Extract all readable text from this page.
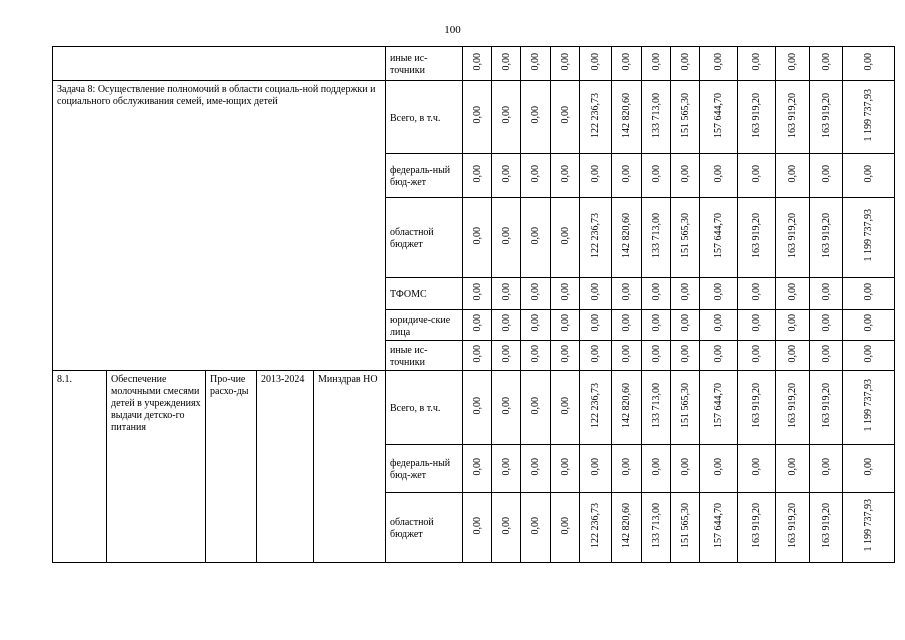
100
					иные ис-точники	0,00	0,00	0,00	0,00	0,00	0,00	0,00	0,00	0,00	0,00	0,00	0,00	0,00
Задача 8: Осуществление полномочий в области социаль-ной поддержки и социального обслуживания семей, име-ющих детей					Всего, в т.ч.	0,00	0,00	0,00	0,00	122 236,73	142 820,60	133 713,00	151 565,30	157 644,70	163 919,20	163 919,20	163 919,20	1 199 737,93
					федераль-ный бюд-жет	0,00	0,00	0,00	0,00	0,00	0,00	0,00	0,00	0,00	0,00	0,00	0,00	0,00
					областной бюджет	0,00	0,00	0,00	0,00	122 236,73	142 820,60	133 713,00	151 565,30	157 644,70	163 919,20	163 919,20	163 919,20	1 199 737,93
					ТФОМС	0,00	0,00	0,00	0,00	0,00	0,00	0,00	0,00	0,00	0,00	0,00	0,00	0,00
					юридиче-ские лица	0,00	0,00	0,00	0,00	0,00	0,00	0,00	0,00	0,00	0,00	0,00	0,00	0,00
					иные ис-точники	0,00	0,00	0,00	0,00	0,00	0,00	0,00	0,00	0,00	0,00	0,00	0,00	0,00
8.1.	Обеспечение молочными смесями детей в учреждениях выдачи детско-го питания	Про-чие расхо-ды	2013-2024	Минздрав НО	Всего, в т.ч.	0,00	0,00	0,00	0,00	122 236,73	142 820,60	133 713,00	151 565,30	157 644,70	163 919,20	163 919,20	163 919,20	1 199 737,93
					федераль-ный бюд-жет	0,00	0,00	0,00	0,00	0,00	0,00	0,00	0,00	0,00	0,00	0,00	0,00	0,00
					областной бюджет	0,00	0,00	0,00	0,00	122 236,73	142 820,60	133 713,00	151 565,30	157 644,70	163 919,20	163 919,20	163 919,20	1 199 737,93
